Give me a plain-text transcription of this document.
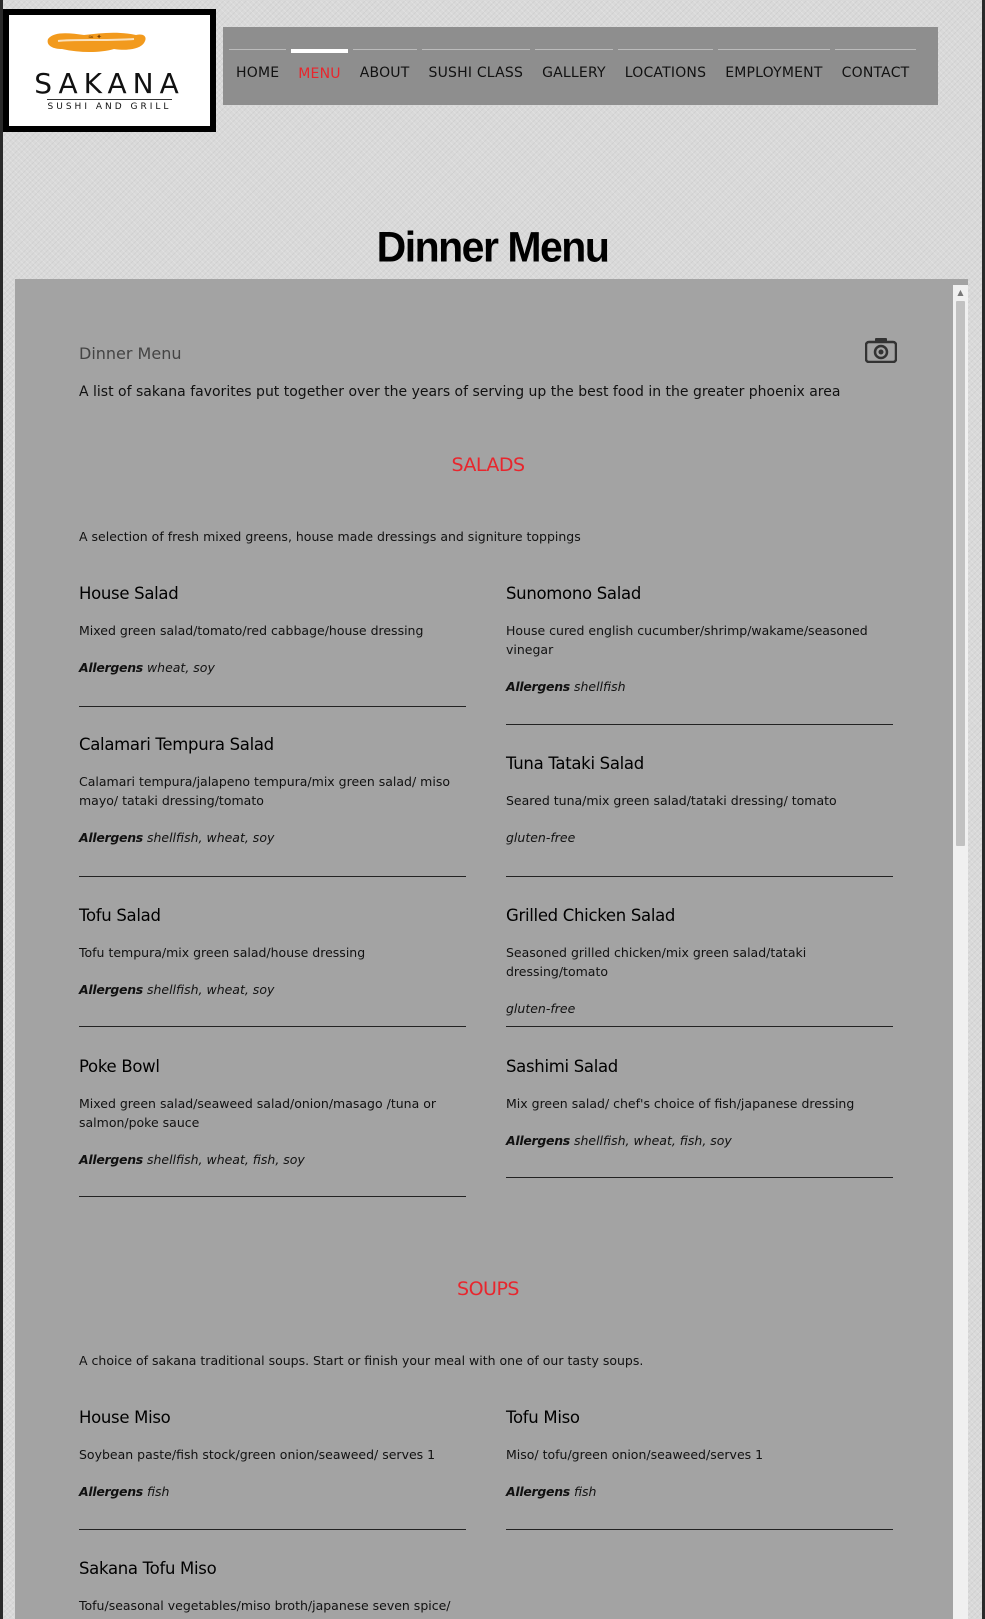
≈ ✦
SAKANA
SUSHI AND GRILL
HOME	MENU	ABOUT	SUSHI CLASS	GALLERY	LOCATIONS	EMPLOYMENT	CONTACT
Dinner Menu
▲
Dinner Menu
A list of sakana favorites put together over the years of serving up the best food in the greater phoenix area
SALADS
A selection of fresh mixed greens, house made dressings and signiture toppings
House Salad
Mixed green salad/tomato/red cabbage/house dressing
Allergens wheat, soy
Sunomono Salad
House cured english cucumber/shrimp/wakame/seasoned vinegar
Allergens shellfish
Calamari Tempura Salad
Calamari tempura/jalapeno tempura/mix green salad/ miso mayo/ tataki dressing/tomato
Allergens shellfish, wheat, soy
Tuna Tataki Salad
Seared tuna/mix green salad/tataki dressing/ tomato
gluten-free
Tofu Salad
Tofu tempura/mix green salad/house dressing
Allergens shellfish, wheat, soy
Grilled Chicken Salad
Seasoned grilled chicken/mix green salad/tataki dressing/tomato
gluten-free
Poke Bowl
Mixed green salad/seaweed salad/onion/masago /tuna or salmon/poke sauce
Allergens shellfish, wheat, fish, soy
Sashimi Salad
Mix green salad/ chef's choice of fish/japanese dressing
Allergens shellfish, wheat, fish, soy
SOUPS
A choice of sakana traditional soups. Start or finish your meal with one of our tasty soups.
House Miso
Soybean paste/fish stock/green onion/seaweed/ serves 1
Allergens fish
Tofu Miso
Miso/ tofu/green onion/seaweed/serves 1
Allergens fish
Sakana Tofu Miso
Tofu/seasonal vegetables/miso broth/japanese seven spice/
